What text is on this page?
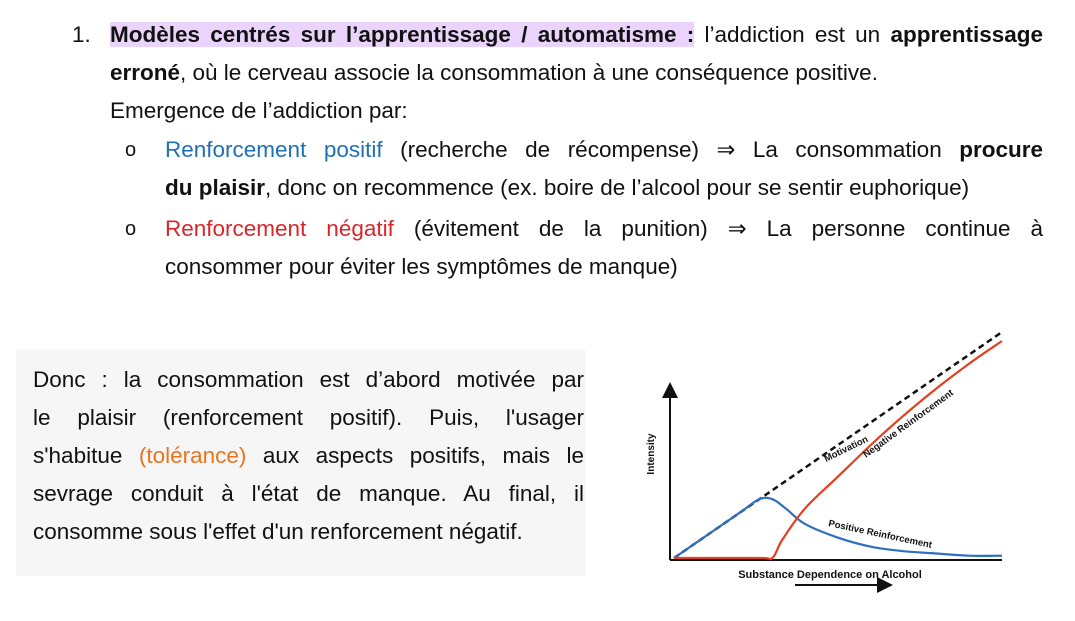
1. Modèles centrés sur l’apprentissage / automatisme : l’addiction est un apprentissage
erroné, où le cerveau associe la consommation à une conséquence positive.
Emergence de l’addiction par:
o Renforcement positif (recherche de récompense) ⇒ La consommation procure
du plaisir, donc on recommence (ex. boire de l’alcool pour se sentir euphorique)
o Renforcement négatif (évitement de la punition) ⇒ La personne continue à
consommer pour éviter les symptômes de manque)
Donc : la consommation est d’abord motivée par
le plaisir (renforcement positif). Puis, l'usager
s'habitue (tolérance) aux aspects positifs, mais le
sevrage conduit à l'état de manque. Au final, il
consomme sous l'effet d'un renforcement négatif.
Intensity
Substance Dependence on Alcohol
Motivation
Negative Reinforcement
Positive Reinforcement
